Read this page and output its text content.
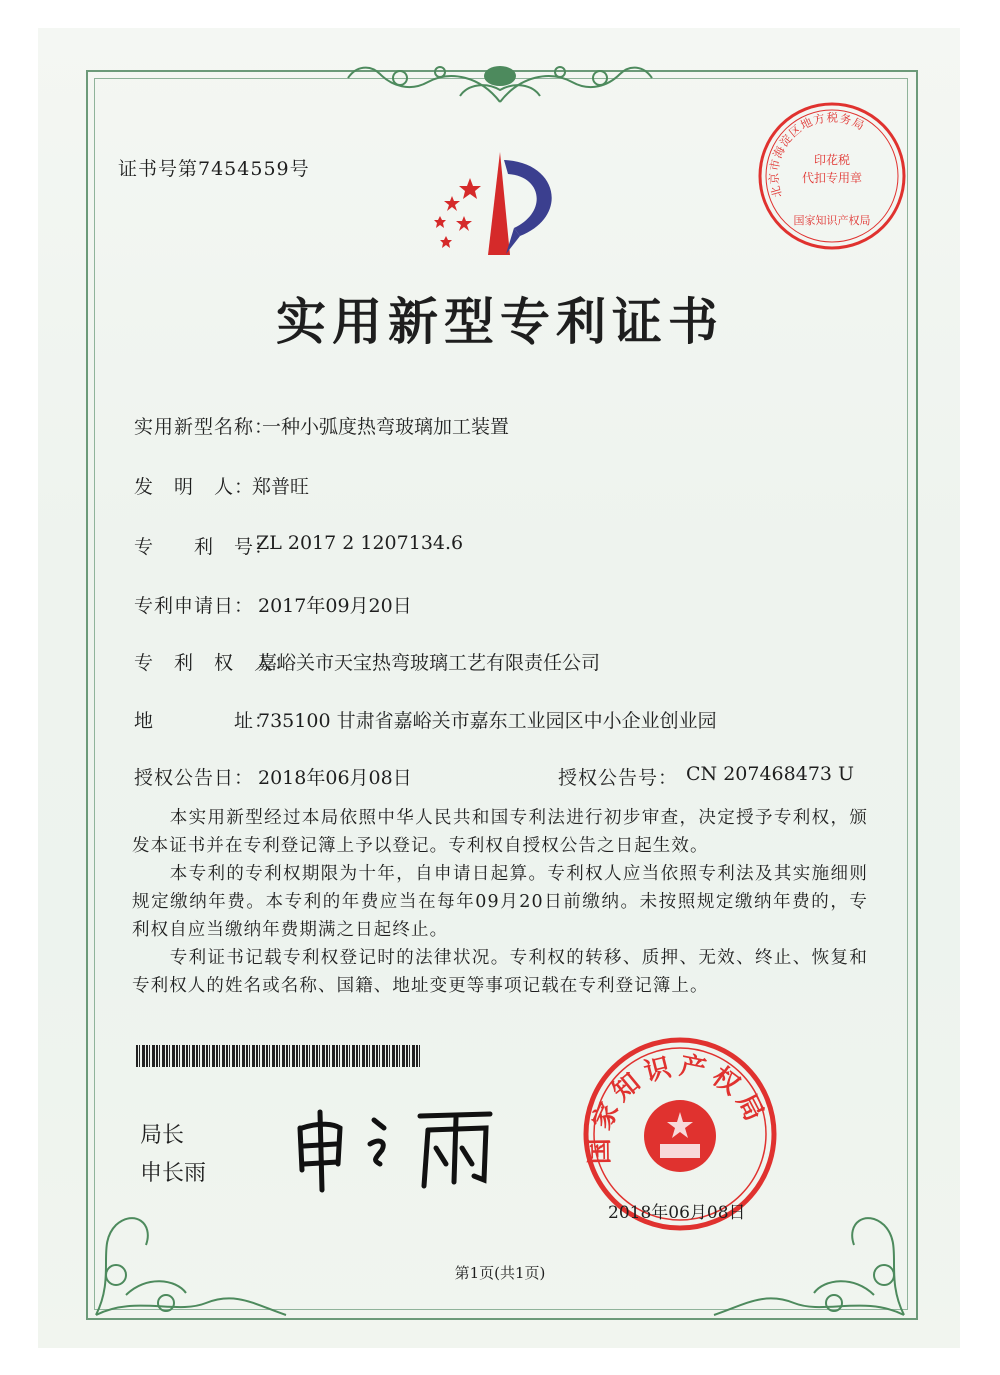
证书号第7454559号
北京市海淀区地方税务局
印花税
代扣专用章
国家知识产权局
实用新型专利证书
实用新型名称：
一种小弧度热弯玻璃加工装置
发　明　人：
郑普旺
专　　利　号：
ZL 2017 2 1207134.6
专利申请日： 2017年09月20日
专　利　权　人：
嘉峪关市天宝热弯玻璃工艺有限责任公司
地　　　　址：
735100 甘肃省嘉峪关市嘉东工业园区中小企业创业园
授权公告日： 2018年06月08日	授权公告号： CN 207468473 U
　　本实用新型经过本局依照中华人民共和国专利法进行初步审查，决定授予专利权，颁发本证书并在专利登记簿上予以登记。专利权自授权公告之日起生效。
　　本专利的专利权期限为十年，自申请日起算。专利权人应当依照专利法及其实施细则规定缴纳年费。本专利的年费应当在每年09月20日前缴纳。未按照规定缴纳年费的，专利权自应当缴纳年费期满之日起终止。
　　专利证书记载专利权登记时的法律状况。专利权的转移、质押、无效、终止、恢复和专利权人的姓名或名称、国籍、地址变更等事项记载在专利登记簿上。
局长
申长雨
国家知识产权局
2018年06月08日
第1页(共1页)
